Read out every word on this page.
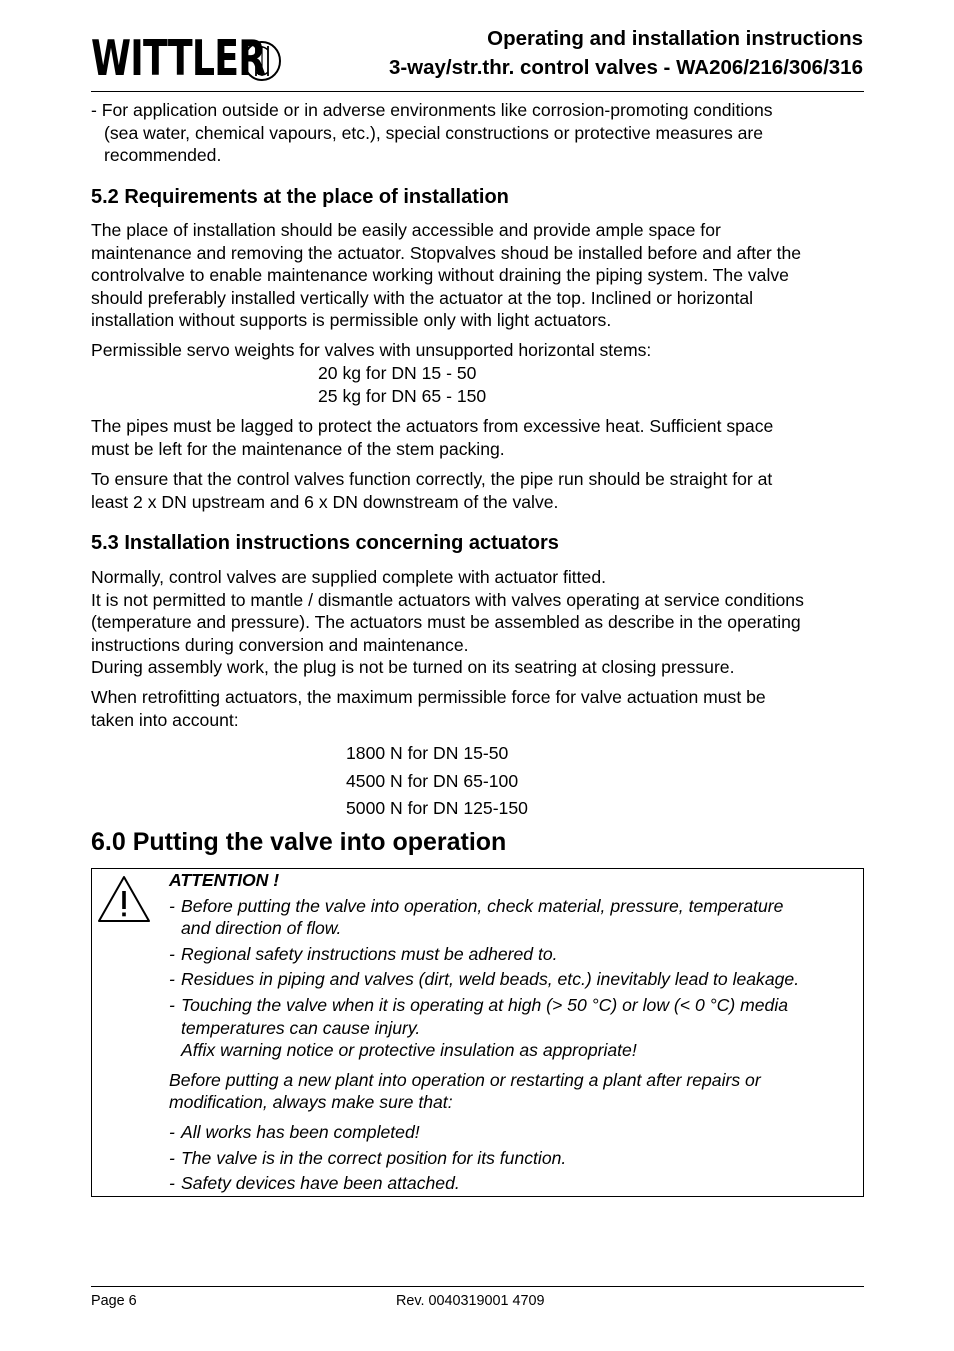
WITTLER	Operating and installation instructions
3-way/str.thr. control valves - WA206/216/306/316
- For application outside or in adverse environments like corrosion-promoting conditions
(sea water, chemical vapours, etc.), special constructions or protective measures are
recommended.
5.2 Requirements at the place of installation
The place of installation should be easily accessible and provide ample space for
maintenance and removing the actuator. Stopvalves shoud be installed before and after the
controlvalve to enable maintenance working without draining the piping system. The valve
should preferably installed vertically with the actuator at the top. Inclined or horizontal
installation without supports is permissible only with light actuators.
Permissible servo weights for valves with unsupported horizontal stems:
20 kg for DN 15 - 50
25 kg for DN 65 - 150
The pipes must be lagged to protect the actuators from excessive heat. Sufficient space
must be left for the maintenance of the stem packing.
To ensure that the control valves function correctly, the pipe run should be straight for at
least 2 x DN upstream and 6 x DN downstream of the valve.
5.3 Installation instructions concerning actuators
Normally, control valves are supplied complete with actuator fitted.
It is not permitted to mantle / dismantle actuators with valves operating at service conditions
(temperature and pressure). The actuators must be assembled as describe in the operating
instructions during conversion and maintenance.
During assembly work, the plug is not be turned on its seatring at closing pressure.
When retrofitting actuators, the maximum permissible force for valve actuation must be
taken into account:
1800 N for DN 15-50
4500 N for DN 65-100
5000 N for DN 125-150
6.0 Putting the valve into operation
ATTENTION !
- Before putting the valve into operation, check material, pressure, temperature
and direction of flow.
- Regional safety instructions must be adhered to.
- Residues in piping and valves (dirt, weld beads, etc.) inevitably lead to leakage.
- Touching the valve when it is operating at high (> 50 °C) or low (< 0 °C) media
temperatures can cause injury.
Affix warning notice or protective insulation as appropriate!
Before putting a new plant into operation or restarting a plant after repairs or
modification, always make sure that:
- All works has been completed!
- The valve is in the correct position for its function.
- Safety devices have been attached.
Page 6	Rev. 0040319001 4709
